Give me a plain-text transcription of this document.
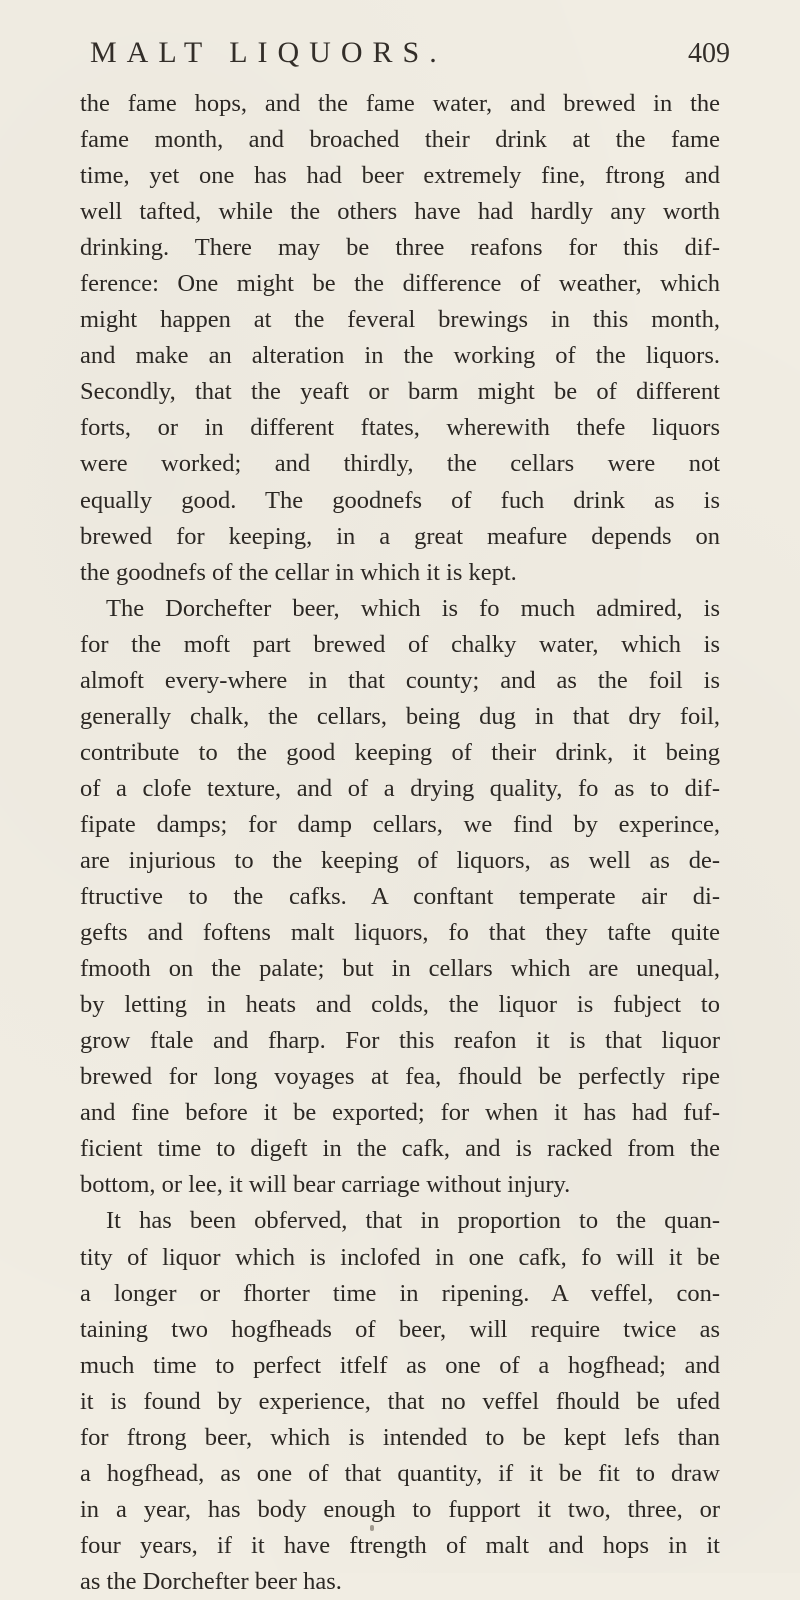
MALT LIQUORS.	409
the fame hops, and the fame water, and brewed in the
fame month, and broached their drink at the fame
time, yet one has had beer extremely fine, ftrong and
well tafted, while the others have had hardly any worth
drinking. There may be three reafons for this dif-
ference: One might be the difference of weather, which
might happen at the feveral brewings in this month,
and make an alteration in the working of the liquors.
Secondly, that the yeaft or barm might be of different
forts, or in different ftates, wherewith thefe liquors
were worked; and thirdly, the cellars were not
equally good. The goodnefs of fuch drink as is
brewed for keeping, in a great meafure depends on
the goodnefs of the cellar in which it is kept.
The Dorchefter beer, which is fo much admired, is
for the moft part brewed of chalky water, which is
almoft every-where in that county; and as the foil is
generally chalk, the cellars, being dug in that dry foil,
contribute to the good keeping of their drink, it being
of a clofe texture, and of a drying quality, fo as to dif-
fipate damps; for damp cellars, we find by experince,
are injurious to the keeping of liquors, as well as de-
ftructive to the cafks. A conftant temperate air di-
gefts and foftens malt liquors, fo that they tafte quite
fmooth on the palate; but in cellars which are unequal,
by letting in heats and colds, the liquor is fubject to
grow ftale and fharp. For this reafon it is that liquor
brewed for long voyages at fea, fhould be perfectly ripe
and fine before it be exported; for when it has had fuf-
ficient time to digeft in the cafk, and is racked from the
bottom, or lee, it will bear carriage without injury.
It has been obferved, that in proportion to the quan-
tity of liquor which is inclofed in one cafk, fo will it be
a longer or fhorter time in ripening. A veffel, con-
taining two hogfheads of beer, will require twice as
much time to perfect itfelf as one of a hogfhead; and
it is found by experience, that no veffel fhould be ufed
for ftrong beer, which is intended to be kept lefs than
a hogfhead, as one of that quantity, if it be fit to draw
in a year, has body enough to fupport it two, three, or
four years, if it have ftrength of malt and hops in it
as the Dorchefter beer has.
